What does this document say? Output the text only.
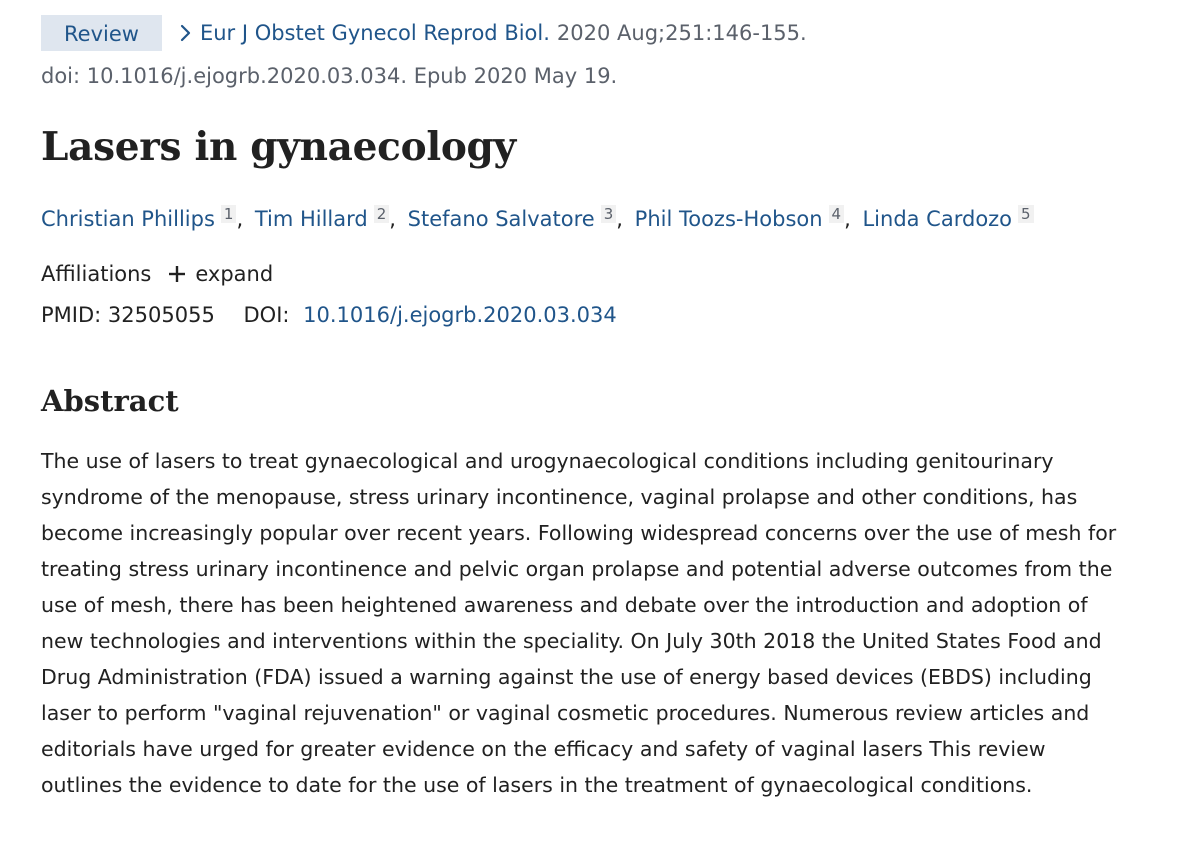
Review	Eur J Obstet Gynecol Reprod Biol. 2020 Aug;251:146-155.
doi: 10.1016/j.ejogrb.2020.03.034. Epub 2020 May 19.
Lasers in gynaecology
Christian Phillips 1 , Tim Hillard 2 , Stefano Salvatore 3 , Phil Toozs-Hobson 4 , Linda Cardozo 5
Affiliations expand
PMID: 32505055 DOI: 10.1016/j.ejogrb.2020.03.034
Abstract

The use of lasers to treat gynaecological and urogynaecological conditions including genitourinary syndrome of the menopause, stress urinary incontinence, vaginal prolapse and other conditions, has become increasingly popular over recent years. Following widespread concerns over the use of mesh for treating stress urinary incontinence and pelvic organ prolapse and potential adverse outcomes from the use of mesh, there has been heightened awareness and debate over the introduction and adoption of new technologies and interventions within the speciality. On July 30th 2018 the United States Food and Drug Administration (FDA) issued a warning against the use of energy based devices (EBDS) including laser to perform "vaginal rejuvenation" or vaginal cosmetic procedures. Numerous review articles and editorials have urged for greater evidence on the efficacy and safety of vaginal lasers This review outlines the evidence to date for the use of lasers in the treatment of gynaecological conditions.
